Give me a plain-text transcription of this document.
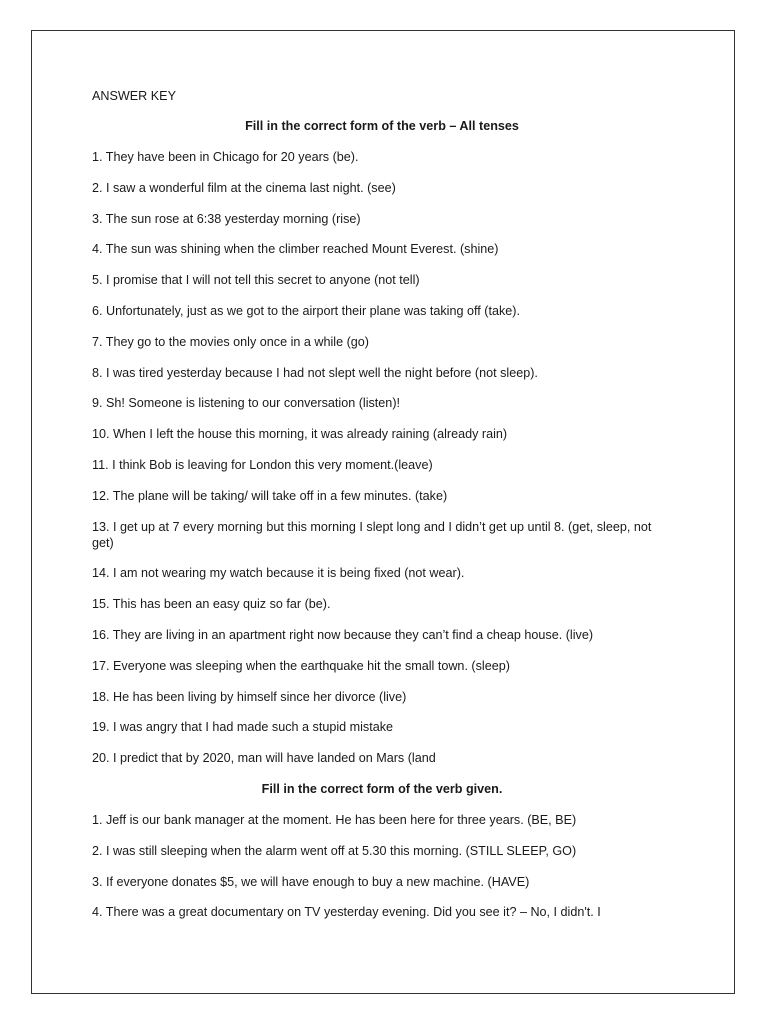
ANSWER KEY
Fill in the correct form of the verb – All tenses
1. They have been in Chicago for 20 years (be).
2. I saw a wonderful film at the cinema last night. (see)
3. The sun rose at 6:38 yesterday morning (rise)
4. The sun was shining when the climber reached Mount Everest. (shine)
5. I promise that I will not tell this secret to anyone (not tell)
6. Unfortunately, just as we got to the airport their plane was taking off (take).
7. They go to the movies only once in a while (go)
8. I was tired yesterday because I had not slept well the night before (not sleep).
9. Sh! Someone is listening to our conversation (listen)!
10. When I left the house this morning, it was already raining (already rain)
11. I think Bob is leaving for London this very moment.(leave)
12. The plane will be taking/ will take off in a few minutes. (take)
13. I get up at 7 every morning but this morning I slept long and I didn’t get up until 8. (get, sleep, not get)
14. I am not wearing my watch because it is being fixed (not wear).
15. This has been an easy quiz so far (be).
16. They are living in an apartment right now because they can’t find a cheap house. (live)
17. Everyone was sleeping when the earthquake hit the small town. (sleep)
18. He has been living by himself since her divorce (live)
19. I was angry that I had made such a stupid mistake
20. I predict that by 2020, man will have landed on Mars (land
Fill in the correct form of the verb given.
1. Jeff is our bank manager at the moment. He has been here for three years. (BE, BE)
2. I was still sleeping when the alarm went off at 5.30 this morning. (STILL SLEEP, GO)
3. If everyone donates $5, we will have enough to buy a new machine. (HAVE)
4. There was a great documentary on TV yesterday evening. Did you see it? – No, I didn't. I
